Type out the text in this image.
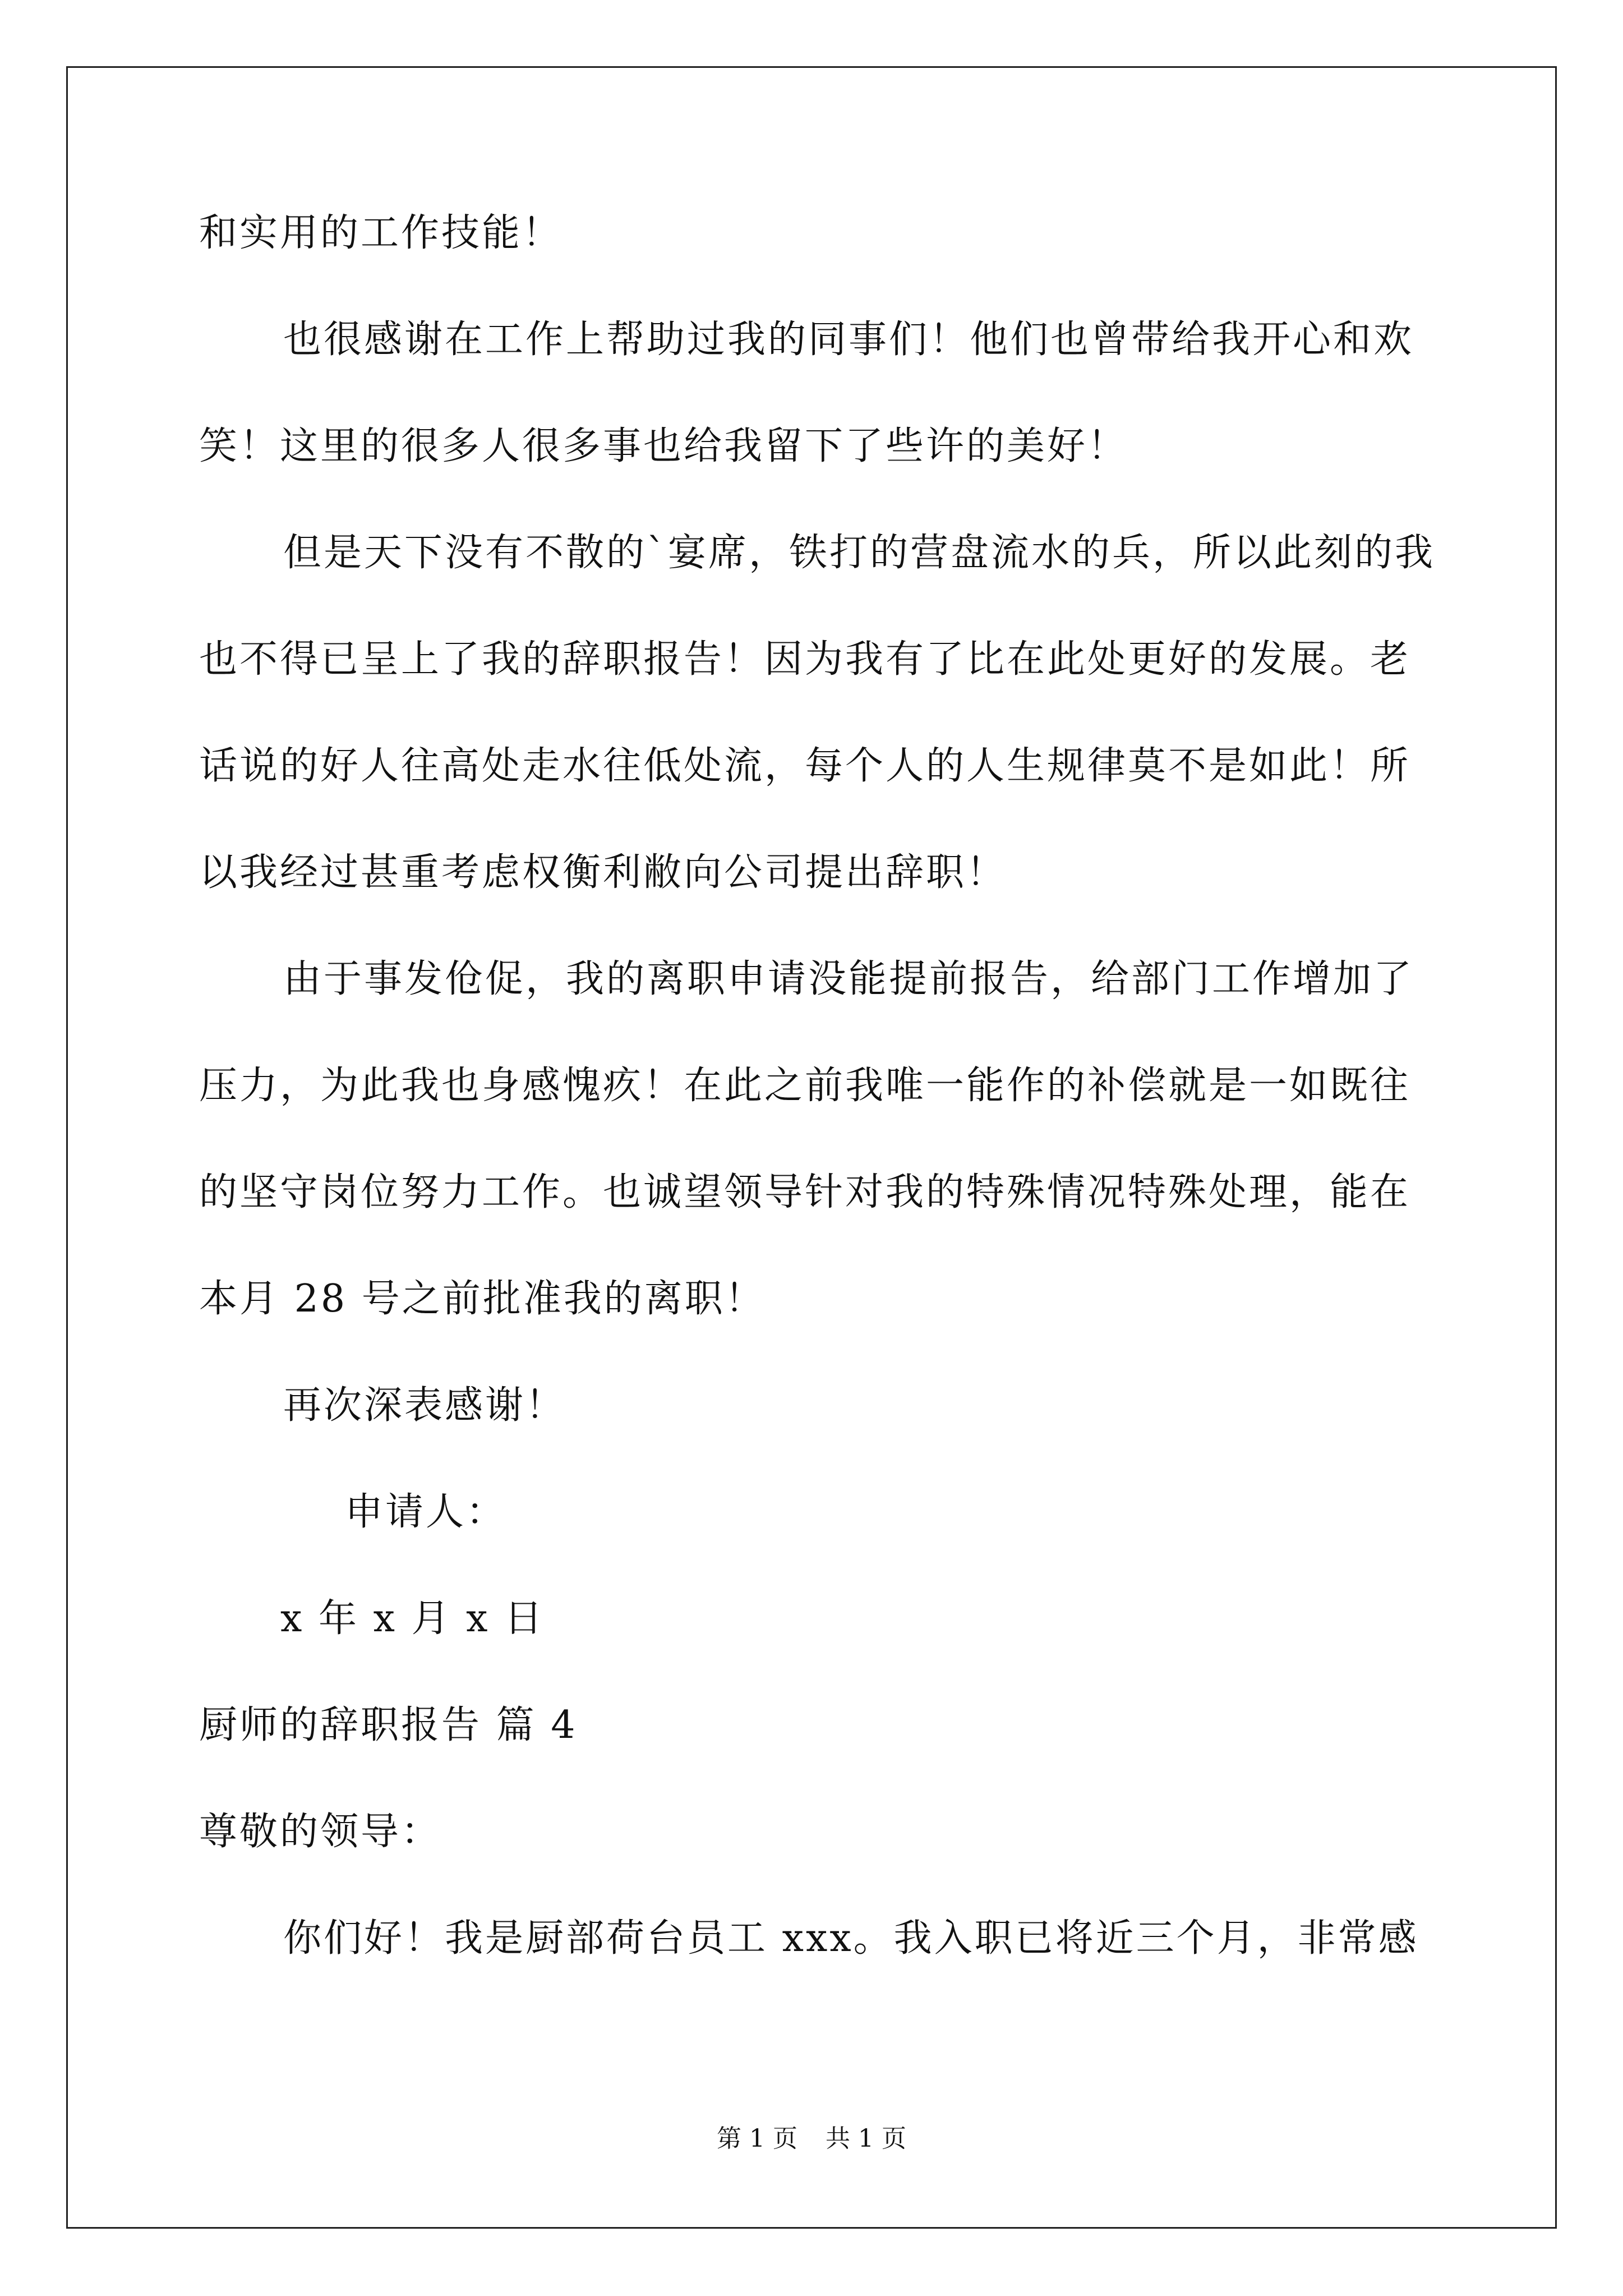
和实用的工作技能！
也很感谢在工作上帮助过我的同事们！他们也曾带给我开心和欢
笑！这里的很多人很多事也给我留下了些许的美好！
但是天下没有不散的`宴席，铁打的营盘流水的兵，所以此刻的我
也不得已呈上了我的辞职报告！因为我有了比在此处更好的发展。老
话说的好人往高处走水往低处流，每个人的人生规律莫不是如此！所
以我经过甚重考虑权衡利敝向公司提出辞职！
由于事发伧促，我的离职申请没能提前报告，给部门工作增加了
压力，为此我也身感愧疚！在此之前我唯一能作的补偿就是一如既往
的坚守岗位努力工作。也诚望领导针对我的特殊情况特殊处理，能在
本月 28 号之前批准我的离职！
再次深表感谢！
申请人：
x 年 x 月 x 日
厨师的辞职报告 篇 4
尊敬的领导：
你们好！我是厨部荷台员工 xxx。我入职已将近三个月，非常感
第 1 页 共 1 页
